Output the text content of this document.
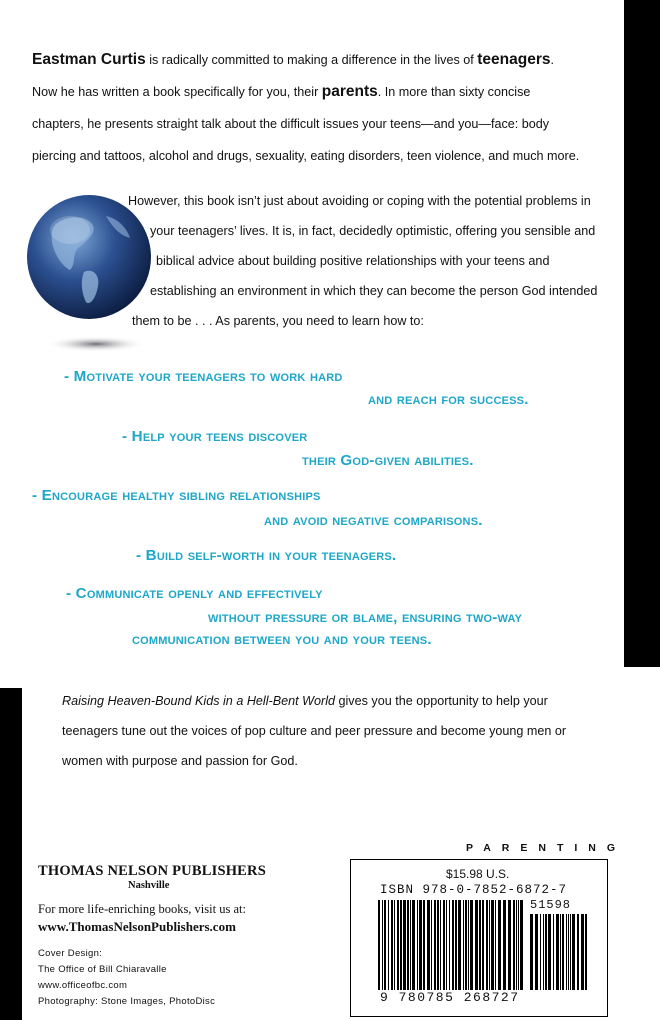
Eastman Curtis is radically committed to making a difference in the lives of teenagers.
Now he has written a book specifically for you, their parents. In more than sixty concise
chapters, he presents straight talk about the difficult issues your teens—and you—face: body
piercing and tattoos, alcohol and drugs, sexuality, eating disorders, teen violence, and much more.
However, this book isn’t just about avoiding or coping with the potential problems in
your teenagers’ lives. It is, in fact, decidedly optimistic, offering you sensible and
biblical advice about building positive relationships with your teens and
establishing an environment in which they can become the person God intended
them to be . . . As parents, you need to learn how to:
- Motivate your teenagers to work hard
and reach for success.
- Help your teens discover
their God-given abilities.
- Encourage healthy sibling relationships
and avoid negative comparisons.
- Build self-worth in your teenagers.
- Communicate openly and effectively
without pressure or blame, ensuring two-way
communication between you and your teens.
Raising Heaven-Bound Kids in a Hell-Bent World gives you the opportunity to help your
teenagers tune out the voices of pop culture and peer pressure and become young men or
women with purpose and passion for God.
THOMAS NELSON PUBLISHERS
Nashville
For more life-enriching books, visit us at:
www.ThomasNelsonPublishers.com
Cover Design:
The Office of Bill Chiaravalle
www.officeofbc.com
Photography: Stone Images, PhotoDisc
PARENTING
$15.98 U.S.
ISBN 978-0-7852-6872-7
51598
9 780785 268727
